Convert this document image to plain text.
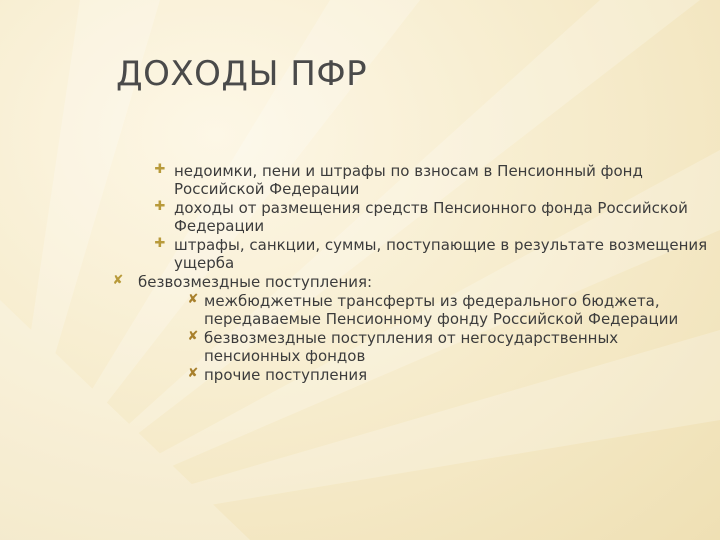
ДОХОДЫ ПФР
✚ недоимки, пени и штрафы по взносам в Пенсионный фонд Российской Федерации
✚ доходы от размещения средств Пенсионного фонда Российской Федерации
✚ штрафы, санкции, суммы, поступающие в результате возмещения ущерба
✘ безвозмездные поступления:
✘ межбюджетные трансферты из федерального бюджета, передаваемые Пенсионному фонду Российской Федерации
✘ безвозмездные поступления от негосударственных пенсионных фондов
✘ прочие поступления
